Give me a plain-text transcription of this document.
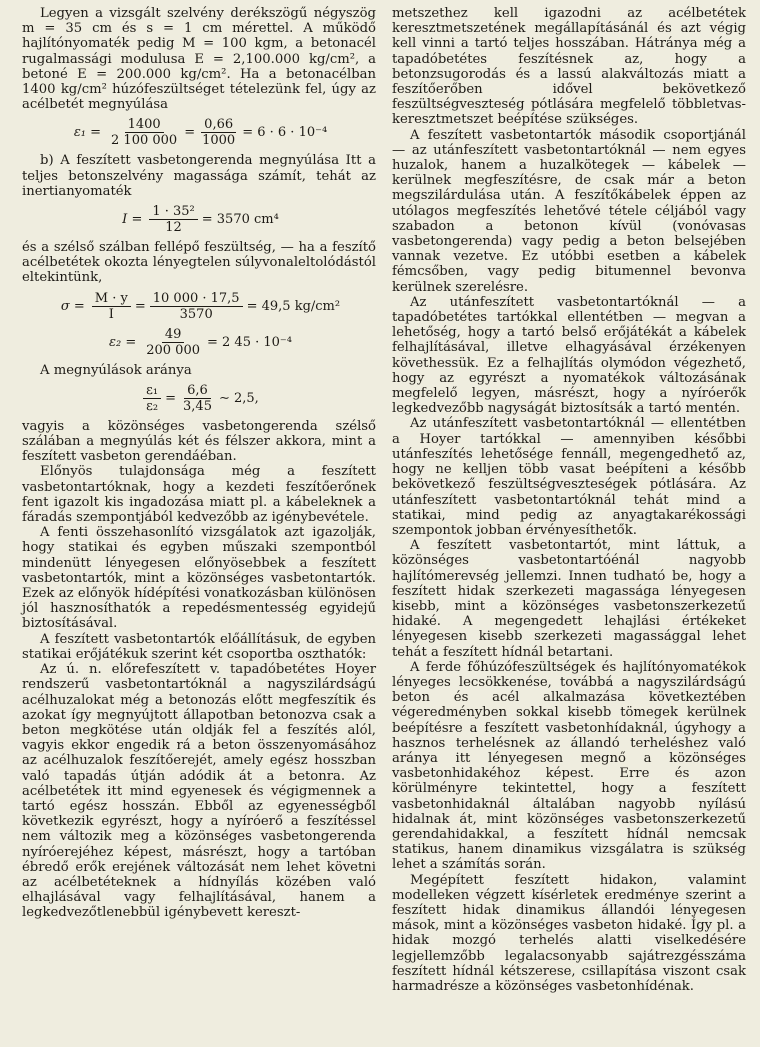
Legyen a vizsgált szelvény derékszögű négyszög m = 35 cm és s = 1 cm mérettel. A működő hajlítónyomaték pedig M = 100 kgm, a betonacél rugalmassági modulusa E = 2,100.000 kg/cm², a betoné E = 200.000 kg/cm². Ha a betonacélban 1400 kg/cm² húzófeszültséget tételezünk fel, úgy az acélbetét megnyúlása

$\varepsilon_1 = \frac{1400}{2 100 000} = \frac{0,66}{1000} = 6 \cdot 6 \cdot 10^{-4}$

b) A feszített vasbetongerenda megnyúlása Itt a teljes betonszelvény magassága számít, tehát az inertianyomaték

$I = \frac{\text{1 · 35²}}{12} = 3570$ cm⁴

és a szélső szálban fellépő feszültség, — ha a feszítő acélbetétek okozta lényegtelen súlyvonaleltolódástól eltekintünk,

$\sigma = \frac{M \cdot y}{I} = \frac{10 000 \cdot 17,5}{3570} = 49,5$ kg/cm²
$\varepsilon_2 = \frac{49}{200 000} = 2$ 45 · 10⁻⁴

A megnyúlások aránya

$\frac{\text{ε₁}}{\text{ε₂}} = \frac{6,6}{3,45}$ ∼ 2,5,

vagyis a közönséges vasbetongerenda szélső szálában a megnyúlás két és félszer akkora, mint a feszített vasbeton gerendáéban.

Előnyös tulajdonsága még a feszített vasbetontartóknak, hogy a kezdeti feszítőerőnek fent igazolt kis ingadozása miatt pl. a kábeleknek a fáradás szempontjából kedvezőbb az igénybevétele.

A fenti összehasonlító vizsgálatok azt igazolják, hogy statikai és egyben műszaki szempontból mindenütt lényegesen előnyösebbek a feszített vasbetontartók, mint a közönséges vasbetontartók. Ezek az előnyök hídépítési vonatkozásban különösen jól hasznosíthatók a repedésmentesség egyidejű biztosításával.

A feszített vasbetontartók előállításuk, de egyben statikai erőjátékuk szerint két csoportba oszthatók:

Az ú. n. előrefeszített v. tapadóbetétes Hoyer rendszerű vasbetontartóknál a nagyszilárdságú acélhuzalokat még a betonozás előtt megfeszítik és azokat így megnyújtott állapotban betonozva csak a beton megkötése után oldják fel a feszítés alól, vagyis ekkor engedik rá a beton összenyomásához az acélhuzalok feszítőerejét, amely egész hosszban való tapadás útján adódik át a betonra. Az acélbetétek itt mind egyenesek és végigmennek a tartó egész hosszán. Ebből az egyenességből következik egyrészt, hogy a nyíróerő a feszítéssel nem változik meg a közönséges vasbetongerenda nyíróerejéhez képest, másrészt, hogy a tartóban ébredő erők erejének változását nem lehet követni az acélbetéteknek a hídnyílás közében való elhajlásával vagy felhajlításával, hanem a legkedvezőtlenebbül igénybevett kereszt-

metszethez kell igazodni az acélbetétek keresztmetszetének megállapításánál és azt végig kell vinni a tartó teljes hosszában. Hátránya még a tapadóbetétes feszítésnek az, hogy a betonzsugorodás és a lassú alakváltozás miatt a feszítőerőben idővel bekövetkező feszültségveszteség pótlására megfelelő többletvas-keresztmetszet beépítése szükséges.

A feszített vasbetontartók második csoportjánál — az utánfeszített vasbetontartóknál — nem egyes huzalok, hanem a huzalkötegek — kábelek — kerülnek megfeszítésre, de csak már a beton megszilárdulása után. A feszítőkábelek éppen az utólagos megfeszítés lehetővé tétele céljából vagy szabadon a betonon kívül (vonóvasas vasbetongerenda) vagy pedig a beton belsejében vannak vezetve. Ez utóbbi esetben a kábelek fémcsőben, vagy pedig bitumennel bevonva kerülnek szerelésre.

Az utánfeszített vasbetontartóknál — a tapadóbetétes tartókkal ellentétben — megvan a lehetőség, hogy a tartó belső erőjátékát a kábelek felhajlításával, illetve elhagyásával érzékenyen követhessük. Ez a felhajlítás olymódon végezhető, hogy az egyrészt a nyomatékok változásának megfelelő legyen, másrészt, hogy a nyíróerők legkedvezőbb nagyságát biztosítsák a tartó mentén.

Az utánfeszített vasbetontartóknál — ellentétben a Hoyer tartókkal — amennyiben későbbi utánfeszítés lehetősége fennáll, megengedhető az, hogy ne kelljen több vasat beépíteni a később bekövetkező feszültségveszteségek pótlására. Az utánfeszített vasbetontartóknál tehát mind a statikai, mind pedig az anyagtakarékossági szempontok jobban érvényesíthetők.

A feszített vasbetontartót, mint láttuk, a közönséges vasbetontartóénál nagyobb hajlítómerevség jellemzi. Innen tudható be, hogy a feszített hidak szerkezeti magassága lényegesen kisebb, mint a közönséges vasbetonszerkezetű hidaké. A megengedett lehajlási értékeket lényegesen kisebb szerkezeti magassággal lehet tehát a feszített hídnál betartani.

A ferde főhúzófeszültségek és hajlítónyomatékok lényeges lecsökkenése, továbbá a nagyszilárdságú beton és acél alkalmazása következtében végeredményben sokkal kisebb tömegek kerülnek beépítésre a feszített vasbetonhídaknál, úgyhogy a hasznos terhelésnek az állandó terheléshez való aránya itt lényegesen megnő a közönséges vasbetonhidakéhoz képest. Erre és azon körülményre tekintettel, hogy a feszített vasbetonhidaknál általában nagyobb nyílású hidalnak át, mint közönséges vasbetonszerkezetű gerendahidakkal, a feszített hídnál nemcsak statikus, hanem dinamikus vizsgálatra is szükség lehet a számítás során.

Megépített feszített hidakon, valamint modelleken végzett kísérletek eredménye szerint a feszített hidak dinamikus állandói lényegesen mások, mint a közönséges vasbeton hidaké. Így pl. a hidak mozgó terhelés alatti viselkedésére legjellemzőbb legalacsonyabb sajátrezgésszáma feszített hídnál kétszerese, csillapítása viszont csak harmadrésze a közönséges vasbetonhídénak.
